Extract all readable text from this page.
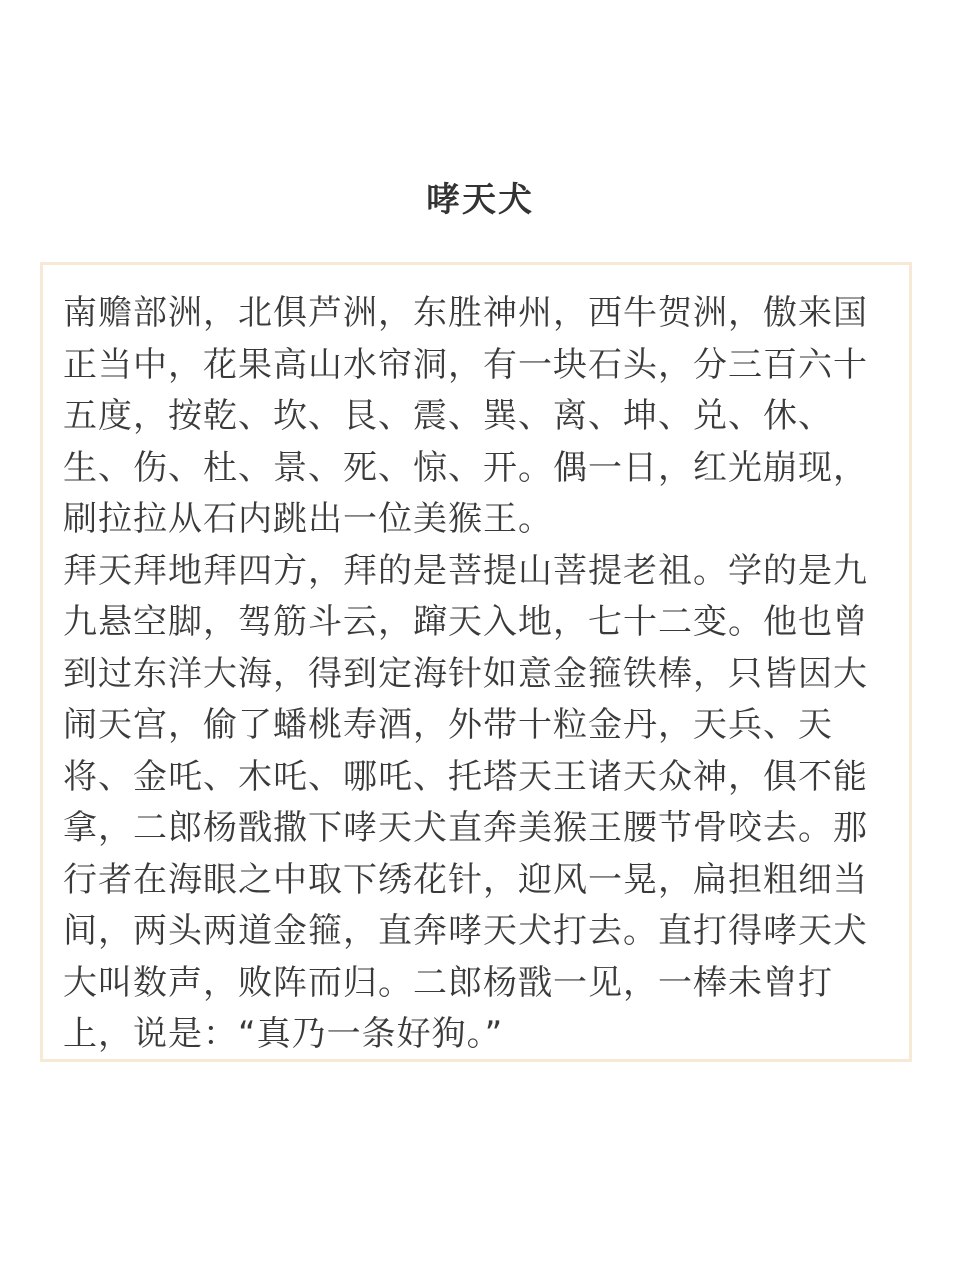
哮天犬
南赡部洲，北俱芦洲，东胜神州，西牛贺洲，傲来国
正当中，花果高山水帘洞，有一块石头，分三百六十
五度，按乾、坎、艮、震、巽、离、坤、兑、休、
生、伤、杜、景、死、惊、开。偶一日，红光崩现，
刷拉拉从石内跳出一位美猴王。
拜天拜地拜四方，拜的是菩提山菩提老祖。学的是九
九悬空脚，驾筋斗云，蹿天入地，七十二变。他也曾
到过东洋大海，得到定海针如意金箍铁棒，只皆因大
闹天宫，偷了蟠桃寿酒，外带十粒金丹，天兵、天
将、金吒、木吒、哪吒、托塔天王诸天众神，俱不能
拿，二郎杨戬撒下哮天犬直奔美猴王腰节骨咬去。那
行者在海眼之中取下绣花针，迎风一晃，扁担粗细当
间，两头两道金箍，直奔哮天犬打去。直打得哮天犬
大叫数声，败阵而归。二郎杨戬一见，一棒未曾打
上，说是：“真乃一条好狗。”
